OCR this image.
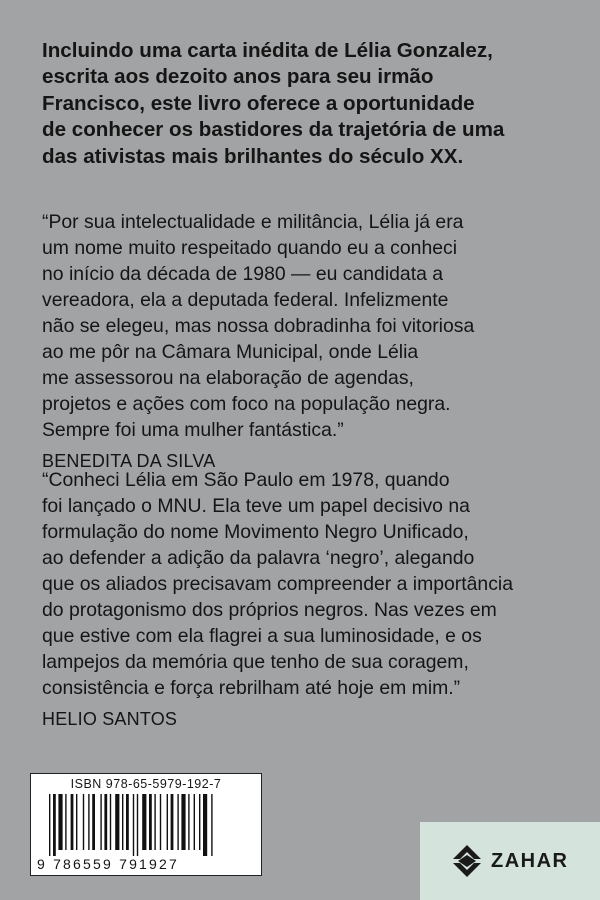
Incluindo uma carta inédita de Lélia Gonzalez,
escrita aos dezoito anos para seu irmão
Francisco, este livro oferece a oportunidade
de conhecer os bastidores da trajetória de uma
das ativistas mais brilhantes do século XX.
“Por sua intelectualidade e militância, Lélia já era
um nome muito respeitado quando eu a conheci
no início da década de 1980 — eu candidata a
vereadora, ela a deputada federal. Infelizmente
não se elegeu, mas nossa dobradinha foi vitoriosa
ao me pôr na Câmara Municipal, onde Lélia
me assessorou na elaboração de agendas,
projetos e ações com foco na população negra.
Sempre foi uma mulher fantástica.”
BENEDITA DA SILVA
“Conheci Lélia em São Paulo em 1978, quando
foi lançado o MNU. Ela teve um papel decisivo na
formulação do nome Movimento Negro Unificado,
ao defender a adição da palavra ‘negro’, alegando
que os aliados precisavam compreender a importância
do protagonismo dos próprios negros. Nas vezes em
que estive com ela flagrei a sua luminosidade, e os
lampejos da memória que tenho de sua coragem,
consistência e força rebrilham até hoje em mim.”
HELIO SANTOS
ISBN 978-65-5979-192-7
9 786559 791927	ZAHAR
